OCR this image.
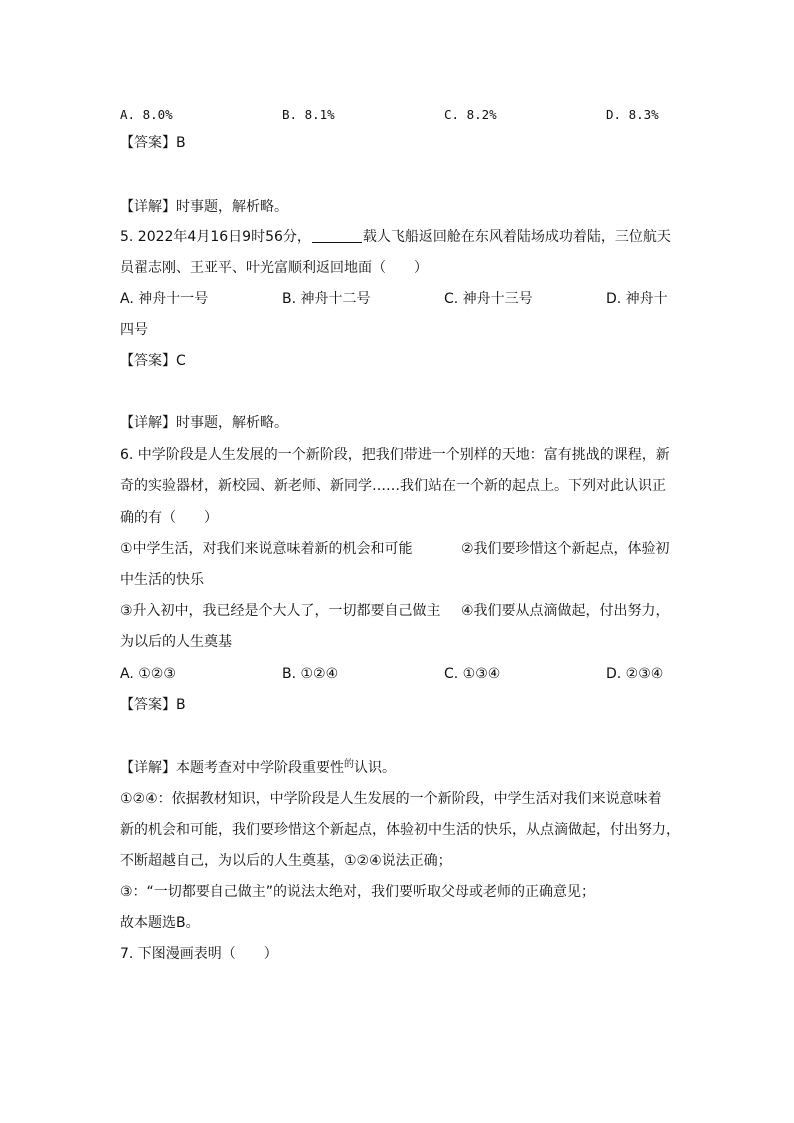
A. 8.0%	B. 8.1%	C. 8.2%	D. 8.3%
【答案】B
【详解】时事题，解析略。
5. 2022年4月16日9时56分，	载人飞船返回舱在东风着陆场成功着陆，三位航天
员翟志刚、王亚平、叶光富顺利返回地面（　　）
A. 神舟十一号	B. 神舟十二号	C. 神舟十三号	D. 神舟十
四号
【答案】C
【详解】时事题，解析略。
6. 中学阶段是人生发展的一个新阶段，把我们带进一个别样的天地：富有挑战的课程，新
奇的实验器材，新校园、新老师、新同学……我们站在一个新的起点上。下列对此认识正
确的有（　　）
①中学生活，对我们来说意味着新的机会和可能	②我们要珍惜这个新起点，体验初
中生活的快乐
③升入初中，我已经是个大人了，一切都要自己做主 ④我们要从点滴做起，付出努力，
为以后的人生奠基
A. ①②③	B. ①②④	C. ①③④	D. ②③④
【答案】B
【详解】本题考查对中学阶段重要性$^的$认识。
①②④：依据教材知识，中学阶段是人生发展的一个新阶段，中学生活对我们来说意味着
新的机会和可能，我们要珍惜这个新起点，体验初中生活的快乐，从点滴做起，付出努力，
不断超越自己，为以后的人生奠基，①②④说法正确；
③：“一切都要自己做主”的说法太绝对，我们要听取父母或老师的正确意见；
故本题选B。
7. 下图漫画表明（　　）
